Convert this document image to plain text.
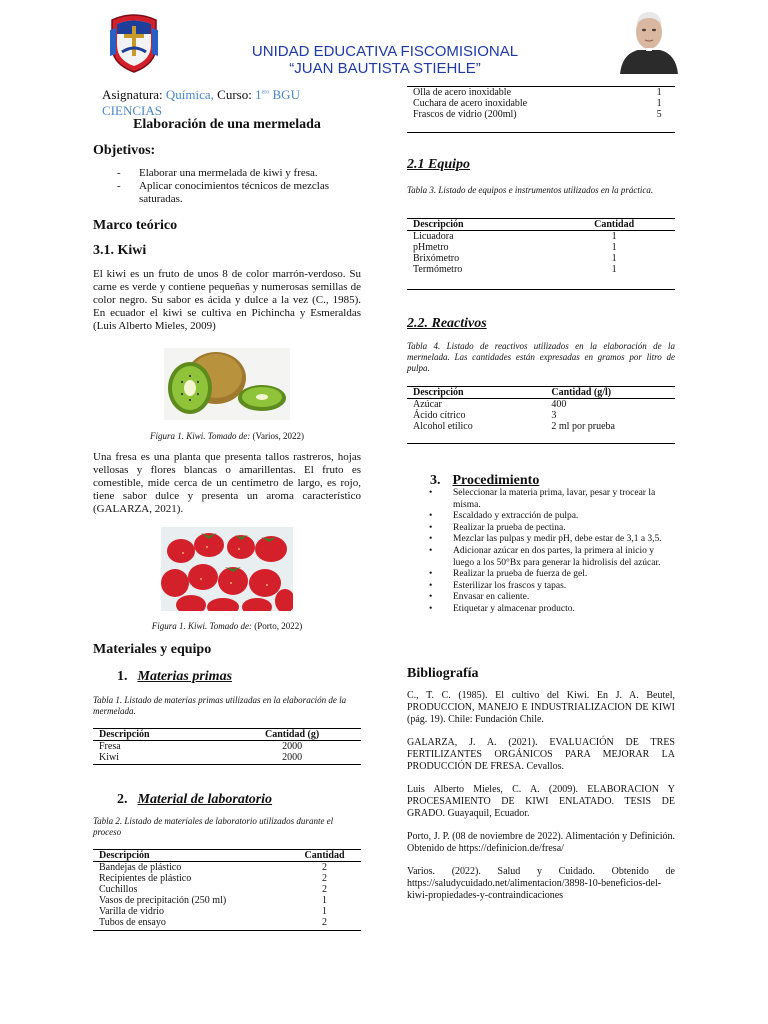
UNIDAD EDUCATIVA FISCOMISIONAL
“JUAN BAUTISTA STIEHLE”
Asignatura: Química, Curso: $1^{ero}$ BGU CIENCIAS
Elaboración de una mermelada
Objetivos:
- Elaborar una mermelada de kiwi y fresa.
- Aplicar conocimientos técnicos de mezclas saturadas.
Marco teórico
3.1. Kiwi

El kiwi es un fruto de unos 8 de color marrón-verdoso. Su carne es verde y contiene pequeñas y numerosas semillas de color negro. Su sabor es ácida y dulce a la vez (C., 1985). En ecuador el kiwi se cultiva en Pichincha y Esmeraldas (Luis Alberto Mieles, 2009)

Figura 1. Kiwi. Tomado de: (Varios, 2022)

Una fresa es una planta que presenta tallos rastreros, hojas vellosas y flores blancas o amarillentas. El fruto es comestible, mide cerca de un centímetro de largo, es rojo, tiene sabor dulce y presenta un aroma característico (GALARZA, 2021).

Figura 1. Kiwi. Tomado de: (Porto, 2022)

Materiales y equipo
1. Materias primas

Tabla 1. Listado de materias primas utilizadas en la elaboración de la mermelada.

Descripción	Cantidad (g)
Fresa	2000
Kiwi	2000
2. Material de laboratorio

Tabla 2. Listado de materiales de laboratorio utilizados durante el proceso

Descripción	Cantidad
Bandejas de plástico	2
Recipientes de plástico	2
Cuchillos	2
Vasos de precipitación (250 ml)	1
Varilla de vidrio	1
Tubos de ensayo	2
Olla de acero inoxidable	1
Cuchara de acero inoxidable	1
Frascos de vidrio (200ml)	5
2.1 Equipo

Tabla 3. Listado de equipos e instrumentos utilizados en la práctica.

Descripción	Cantidad
Licuadora	1
pHmetro	1
Brixómetro	1
Termómetro	1
2.2. Reactivos

Tabla 4. Listado de reactivos utilizados en la elaboración de la mermelada. Las cantidades están expresadas en gramos por litro de pulpa.

Descripción	Cantidad (g/l)
Azúcar	400
Ácido cítrico	3
Alcohol etílico	2 ml por prueba
3. Procedimiento
• Seleccionar la materia prima, lavar, pesar y trocear la misma.
• Escaldado y extracción de pulpa.
• Realizar la prueba de pectina.
• Mezclar las pulpas y medir pH, debe estar de 3,1 a 3,5.
• Adicionar azúcar en dos partes, la primera al inicio y luego a los 50°Bx para generar la hidrolisis del azúcar.
• Realizar la prueba de fuerza de gel.
• Esterilizar los frascos y tapas.
• Envasar en caliente.
• Etiquetar y almacenar producto.
Bibliografía

C., T. C. (1985). El cultivo del Kiwi. En J. A. Beutel, PRODUCCION, MANEJO E INDUSTRIALIZACION DE KIWI (pág. 19). Chile: Fundación Chile.

GALARZA, J. A. (2021). EVALUACIÓN DE TRES FERTILIZANTES ORGÁNICOS PARA MEJORAR LA PRODUCCIÓN DE FRESA. Cevallos.

Luis Alberto Mieles, C. A. (2009). ELABORACION Y PROCESAMIENTO DE KIWI ENLATADO. TESIS DE GRADO. Guayaquil, Ecuador.

Porto, J. P. (08 de noviembre de 2022). Alimentación y Definición. Obtenido de https://definicion.de/fresa/

Varios. (2022). Salud y Cuidado. Obtenido de https://saludycuidado.net/alimentacion/3898-10-beneficios-del-kiwi-propiedades-y-contraindicaciones
